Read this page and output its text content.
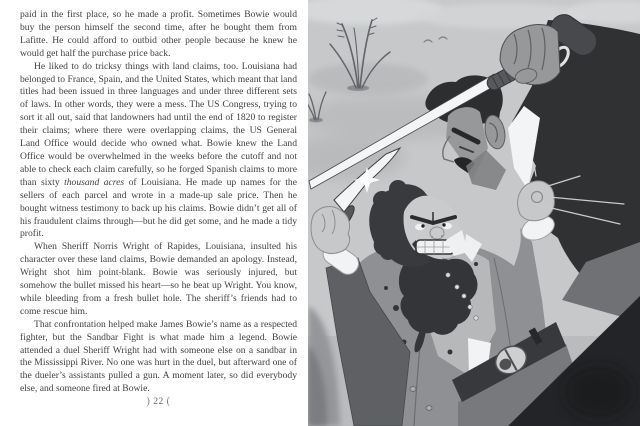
paid in the first place, so he made a profit. Sometimes Bowie would buy the person himself the second time, after he bought them from Lafitte. He could afford to outbid other people because he knew he would get half the purchase price back.

He liked to do tricksy things with land claims, too. Louisiana had belonged to France, Spain, and the United States, which meant that land titles had been issued in three languages and under three different sets of laws. In other words, they were a mess. The US Congress, trying to sort it all out, said that landowners had until the end of 1820 to register their claims; where there were overlapping claims, the US General Land Office would decide who owned what. Bowie knew the Land Office would be overwhelmed in the weeks before the cutoff and not able to check each claim carefully, so he forged Spanish claims to more than sixty thousand acres of Louisiana. He made up names for the sellers of each parcel and wrote in a made-up sale price. Then he bought witness testimony to back up his claims. Bowie didn’t get all of his fraudulent claims through—but he did get some, and he made a tidy profit.

When Sheriff Norris Wright of Rapides, Louisiana, insulted his character over these land claims, Bowie demanded an apology. Instead, Wright shot him point-blank. Bowie was seriously injured, but somehow the bullet missed his heart—so he beat up Wright. You know, while bleeding from a fresh bullet hole. The sheriff’s friends had to come rescue him.

That confrontation helped make James Bowie’s name as a respected fighter, but the Sandbar Fight is what made him a legend. Bowie attended a duel Sheriff Wright had with someone else on a sandbar in the Mississippi River. No one was hurt in the duel, but afterward one of the dueler’s assistants pulled a gun. A moment later, so did everybody else, and someone fired at Bowie.

) 22 (
